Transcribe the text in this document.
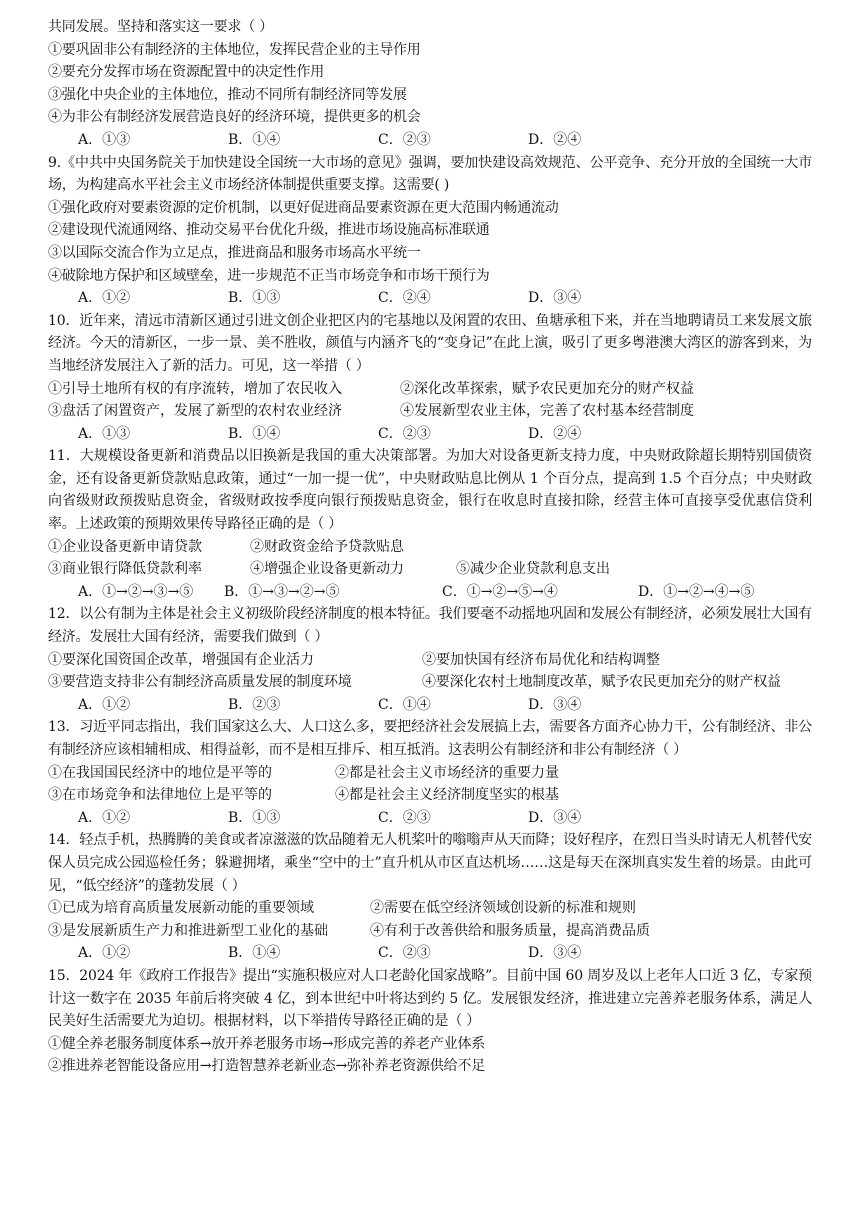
共同发展。坚持和落实这一要求（ ）
①要巩固非公有制经济的主体地位，发挥民营企业的主导作用
②要充分发挥市场在资源配置中的决定性作用
③强化中央企业的主体地位，推动不同所有制经济同等发展
④为非公有制经济发展营造良好的经济环境，提供更多的机会
A．①③	B．①④	C．②③	D．②④
9.《中共中央国务院关于加快建设全国统一大市场的意见》强调，要加快建设高效规范、公平竞争、充分开放的全国统一大市场，为构建高水平社会主义市场经济体制提供重要支撑。这需要( )
①强化政府对要素资源的定价机制，以更好促进商品要素资源在更大范围内畅通流动
②建设现代流通网络、推动交易平台优化升级，推进市场设施高标准联通
③以国际交流合作为立足点，推进商品和服务市场高水平统一
④破除地方保护和区域壁垒，进一步规范不正当市场竞争和市场干预行为
A．①②	B．①③	C．②④	D．③④
10．近年来，清远市清新区通过引进文创企业把区内的宅基地以及闲置的农田、鱼塘承租下来，并在当地聘请员工来发展文旅经济。今天的清新区，一步一景、美不胜收，颜值与内涵齐飞的“变身记”在此上演，吸引了更多粤港澳大湾区的游客到来，为当地经济发展注入了新的活力。可见，这一举措（ ）
①引导土地所有权的有序流转，增加了农民收入	②深化改革探索，赋予农民更加充分的财产权益
③盘活了闲置资产，发展了新型的农村农业经济	④发展新型农业主体，完善了农村基本经营制度
A．①③	B．①④	C．②③	D．②④
11．大规模设备更新和消费品以旧换新是我国的重大决策部署。为加大对设备更新支持力度，中央财政除超长期特别国债资金，还有设备更新贷款贴息政策，通过“一加一提一优”，中央财政贴息比例从 1 个百分点，提高到 1.5 个百分点；中央财政向省级财政预拨贴息资金，省级财政按季度向银行预拨贴息资金，银行在收息时直接扣除，经营主体可直接享受优惠信贷利率。上述政策的预期效果传导路径正确的是（ ）
①企业设备更新申请贷款	②财政资金给予贷款贴息
③商业银行降低贷款利率	④增强企业设备更新动力	⑤减少企业贷款利息支出
A．①→②→③→⑤	B．①→③→②→⑤	C．①→②→⑤→④	D．①→②→④→⑤
12．以公有制为主体是社会主义初级阶段经济制度的根本特征。我们要毫不动摇地巩固和发展公有制经济，必须发展壮大国有经济。发展壮大国有经济，需要我们做到（ ）
①要深化国资国企改革，增强国有企业活力	②要加快国有经济布局优化和结构调整
③要营造支持非公有制经济高质量发展的制度环境	④要深化农村土地制度改革，赋予农民更加充分的财产权益
A．①②	B．②③	C．①④	D．③④
13．习近平同志指出，我们国家这么大、人口这么多，要把经济社会发展搞上去，需要各方面齐心协力干，公有制经济、非公有制经济应该相辅相成、相得益彰，而不是相互排斥、相互抵消。这表明公有制经济和非公有制经济（ ）
①在我国国民经济中的地位是平等的	②都是社会主义市场经济的重要力量
③在市场竞争和法律地位上是平等的	④都是社会主义经济制度坚实的根基
A．①②	B．①③	C．②③	D．③④
14．轻点手机，热腾腾的美食或者凉滋滋的饮品随着无人机桨叶的嗡嗡声从天而降；设好程序，在烈日当头时请无人机替代安保人员完成公园巡检任务；躲避拥堵，乘坐“空中的士”直升机从市区直达机场……这是每天在深圳真实发生着的场景。由此可见，“低空经济”的蓬勃发展（ ）
①已成为培育高质量发展新动能的重要领域	②需要在低空经济领域创设新的标准和规则
③是发展新质生产力和推进新型工业化的基础	④有利于改善供给和服务质量，提高消费品质
A．①②	B．①④	C．②③	D．③④
15．2024 年《政府工作报告》提出“实施积极应对人口老龄化国家战略”。目前中国 60 周岁及以上老年人口近 3 亿，专家预计这一数字在 2035 年前后将突破 4 亿，到本世纪中叶将达到约 5 亿。发展银发经济，推进建立完善养老服务体系，满足人民美好生活需要尤为迫切。根据材料，以下举措传导路径正确的是（ ）
①健全养老服务制度体系→放开养老服务市场→形成完善的养老产业体系
②推进养老智能设备应用→打造智慧养老新业态→弥补养老资源供给不足
